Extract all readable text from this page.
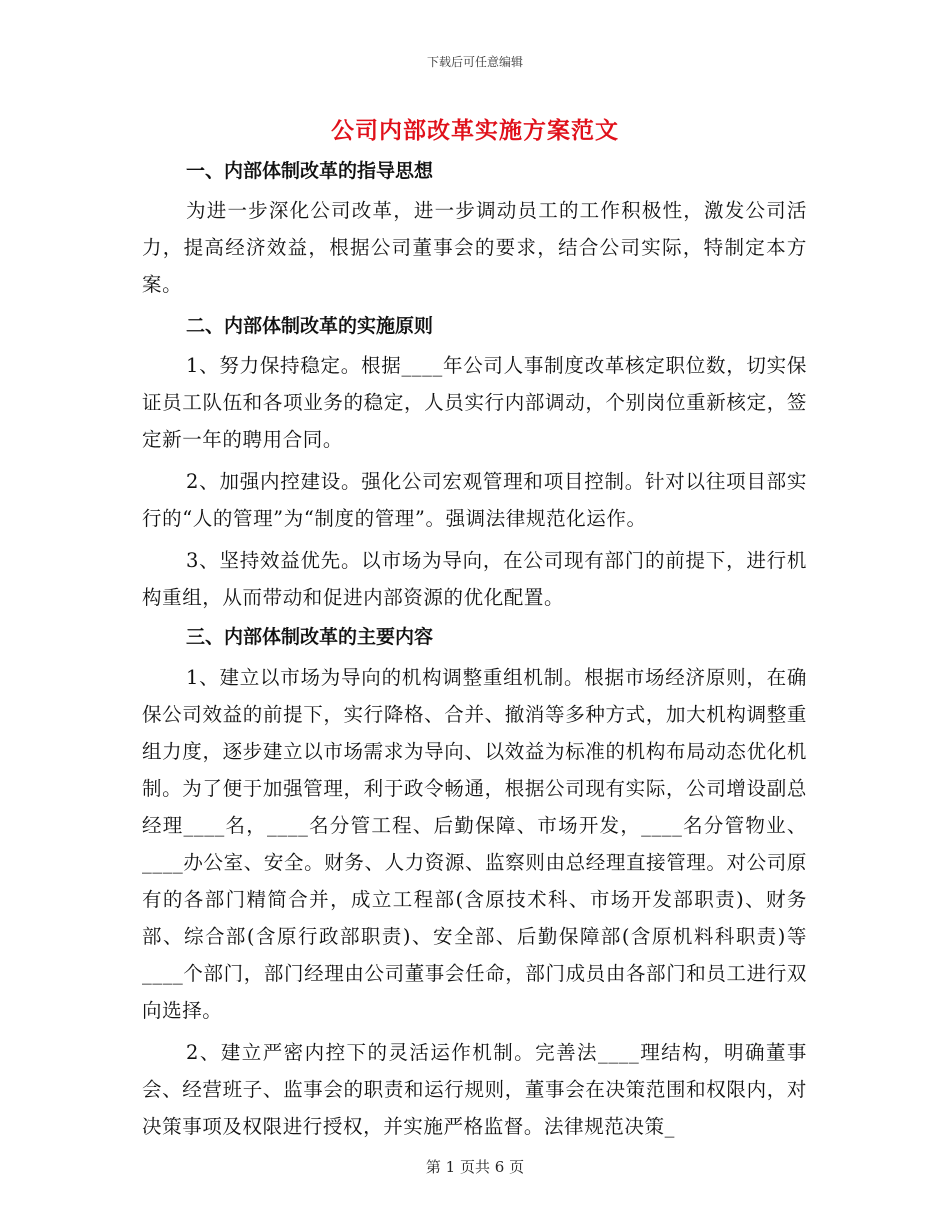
下载后可任意编辑
公司内部改革实施方案范文

一、内部体制改革的指导思想

为进一步深化公司改革，进一步调动员工的工作积极性，激发公司活力，提高经济效益，根据公司董事会的要求，结合公司实际，特制定本方案。

二、内部体制改革的实施原则

1、努力保持稳定。根据____年公司人事制度改革核定职位数，切实保证员工队伍和各项业务的稳定，人员实行内部调动，个别岗位重新核定，签定新一年的聘用合同。

2、加强内控建设。强化公司宏观管理和项目控制。针对以往项目部实行的“人的管理”为“制度的管理”。强调法律规范化运作。

3、坚持效益优先。以市场为导向，在公司现有部门的前提下，进行机构重组，从而带动和促进内部资源的优化配置。

三、内部体制改革的主要内容

1、建立以市场为导向的机构调整重组机制。根据市场经济原则，在确保公司效益的前提下，实行降格、合并、撤消等多种方式，加大机构调整重组力度，逐步建立以市场需求为导向、以效益为标准的机构布局动态优化机制。为了便于加强管理，利于政令畅通，根据公司现有实际，公司增设副总经理____名，____名分管工程、后勤保障、市场开发，____名分管物业、____办公室、安全。财务、人力资源、监察则由总经理直接管理。对公司原有的各部门精简合并，成立工程部(含原技术科、市场开发部职责)、财务部、综合部(含原行政部职责)、安全部、后勤保障部(含原机料科职责)等____个部门，部门经理由公司董事会任命，部门成员由各部门和员工进行双向选择。

2、建立严密内控下的灵活运作机制。完善法____理结构，明确董事会、经营班子、监事会的职责和运行规则，董事会在决策范围和权限内，对决策事项及权限进行授权，并实施严格监督。法律规范决策_

第 1 页共 6 页
